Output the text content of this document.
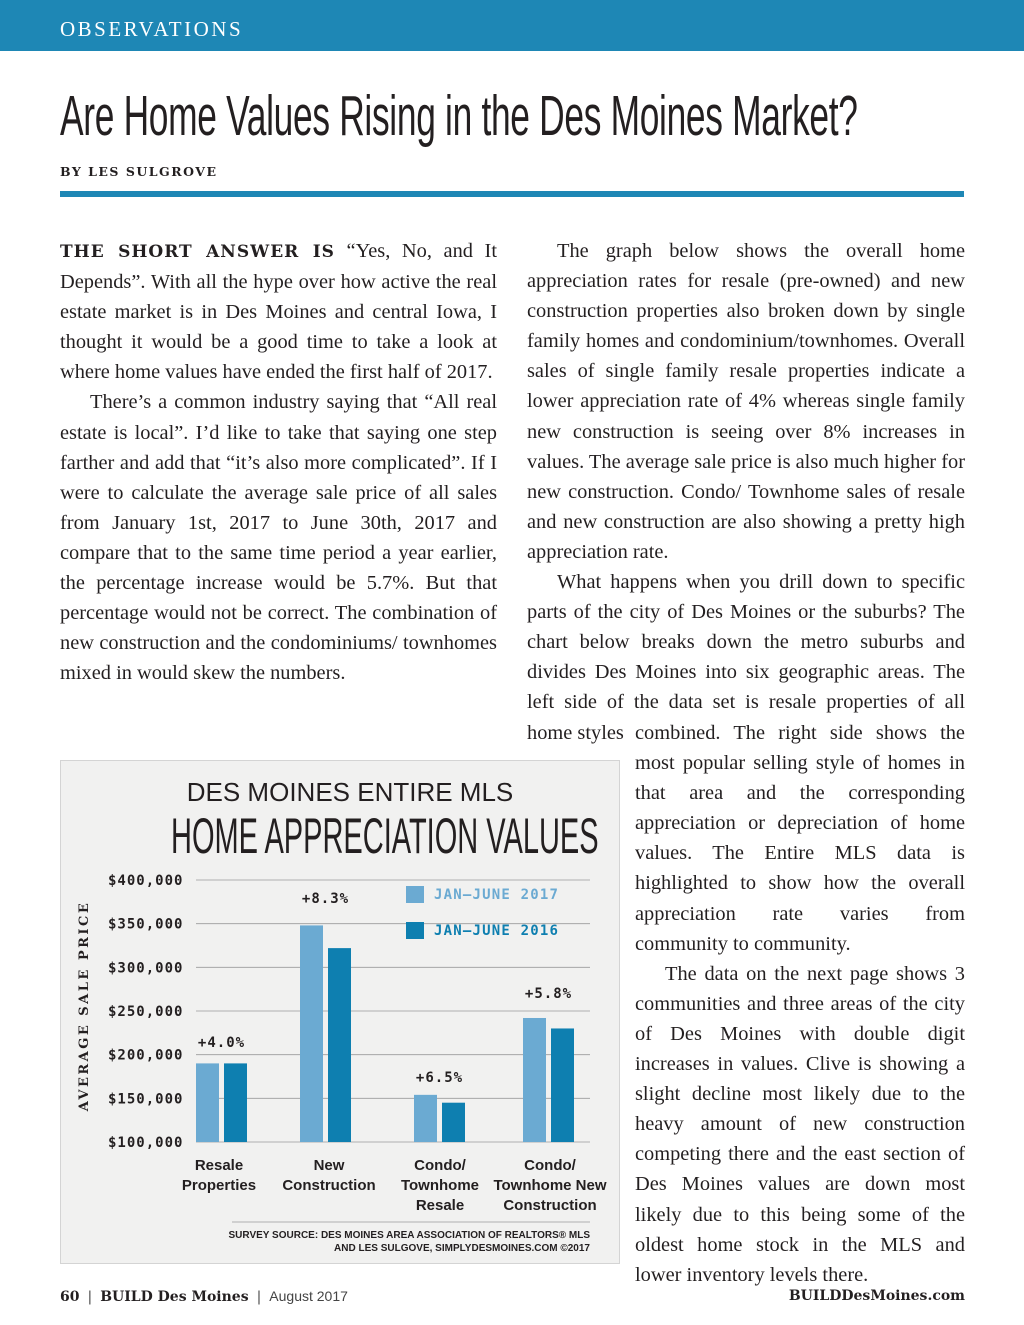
OBSERVATIONS
Are Home Values Rising in the Des Moines Market?
BY LES SULGROVE

THE SHORT ANSWER IS “Yes, No, and It Depends”. With all the hype over how active the real estate market is in Des Moines and central Iowa, I thought it would be a good time to take a look at where home values have ended the first half of 2017.

There’s a common industry saying that “All real estate is local”. I’d like to take that saying one step farther and add that “it’s also more complicated”. If I were to calculate the average sale price of all sales from January 1st, 2017 to June 30th, 2017 and compare that to the same time period a year earlier, the percentage increase would be 5.7%. But that percentage would not be correct. The combination of new construction and the condominiums/ townhomes mixed in would skew the numbers.

The graph below shows the overall home appreciation rates for resale (pre-owned) and new construction properties also broken down by single family homes and condominium/townhomes. Overall sales of single family resale properties indicate a lower appreciation rate of 4% whereas single family new construction is seeing over 8% increases in values. The average sale price is also much higher for new construction. Condo/ Townhome sales of resale and new construction are also showing a pretty high appreciation rate.

What happens when you drill down to specific parts of the city of Des Moines or the suburbs? The chart below breaks down the metro suburbs and divides Des Moines into six geographic areas. The left side of the data set is resale properties of all home styles combined. The right side shows the most popular selling style of homes in that area and the corresponding appreciation or depreciation of home values. The Entire MLS data is highlighted to show how the overall appreciation rate varies from community to community.

The data on the next page shows 3 communities and three areas of the city of Des Moines with double digit increases in values. Clive is showing a slight decline most likely due to the heavy amount of new construction competing there and the east section of Des Moines values are down most likely due to this being some of the oldest home stock in the MLS and lower inventory levels there.

DES MOINES ENTIRE MLS
HOME APPRECIATION VALUES
$100,000
$150,000
$200,000
$250,000
$300,000
$350,000
$400,000
AVERAGE SALE PRICE	+4.0%
Resale
Properties
+8.3%
New
Construction
+6.5%
Condo/
Townhome
Resale
+5.8%
Condo/
Townhome New
Construction
JAN–JUNE 2017
JAN–JUNE 2016
SURVEY SOURCE: DES MOINES AREA ASSOCIATION OF REALTORS® MLS
AND LES SULGOVE, SIMPLYDESMOINES.COM ©2017
60 | BUILD Des Moines | August 2017	BUILDDesMoines.com
